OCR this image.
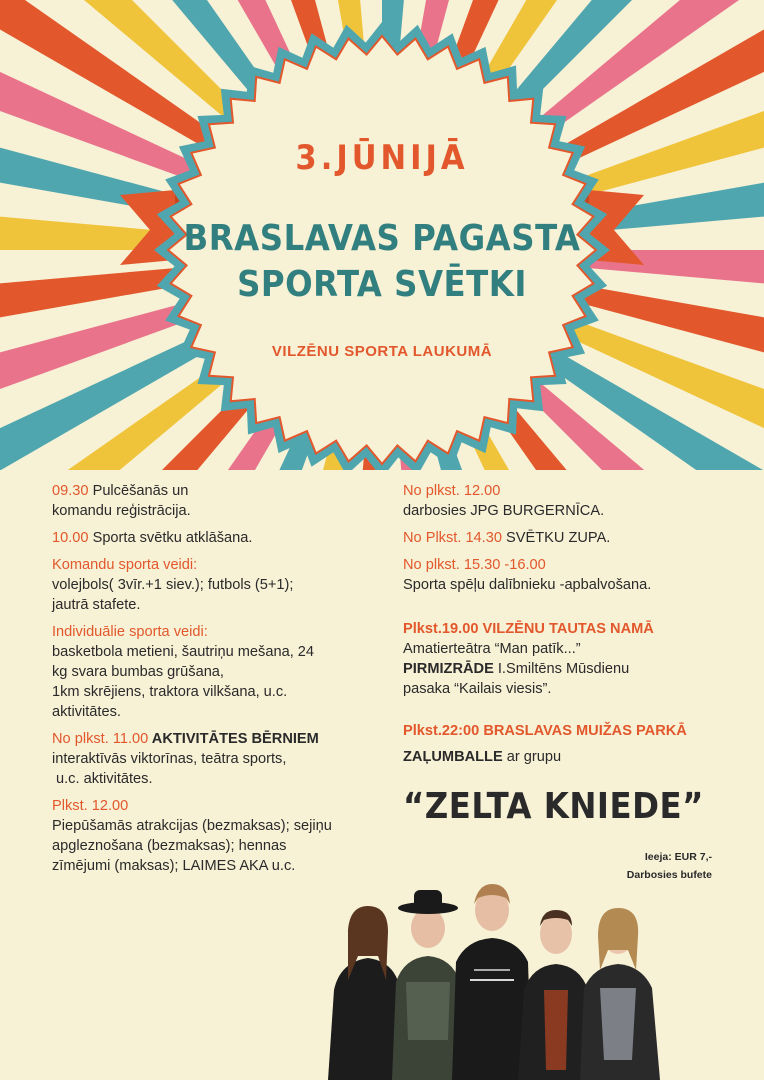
3.JŪNIJĀ
BRASLAVAS PAGASTA
SPORTA SVĒTKI
VILZĒNU SPORTA LAUKUMĀ

09.30 Pulcēšanās un
komandu reģistrācija.

10.00 Sporta svētku atklāšana.

Komandu sporta veidi:
volejbols( 3vīr.+1 siev.); futbols (5+1);
jautrā stafete.

Individuālie sporta veidi:
basketbola metieni, šautriņu mešana, 24
kg svara bumbas grūšana,
1km skrējiens, traktora vilkšana, u.c.
aktivitātes.

No plkst. 11.00 AKTIVITĀTES BĒRNIEM
interaktīvās viktorīnas, teātra sports,
u.c. aktivitātes.

Plkst. 12.00
Piepūšamās atrakcijas (bezmaksas); sejiņu
apgleznošana (bezmaksas); hennas
zīmējumi (maksas); LAIMES AKA u.c.

No plkst. 12.00
darbosies JPG BURGERNĪCA.

No Plkst. 14.30 SVĒTKU ZUPA.

No plkst. 15.30 -16.00
Sporta spēļu dalībnieku -apbalvošana.

Plkst.19.00 VILZĒNU TAUTAS NAMĀ
Amatierteātra “Man patīk...”
PIRMIZRĀDE I.Smiltēns Mūsdienu
pasaka “Kailais viesis”.

Plkst.22:00 BRASLAVAS MUIŽAS PARKĀ
ZAĻUMBALLE ar grupu

“ZELTA KNIEDE”
Ieeja: EUR 7,-
Darbosies bufete
